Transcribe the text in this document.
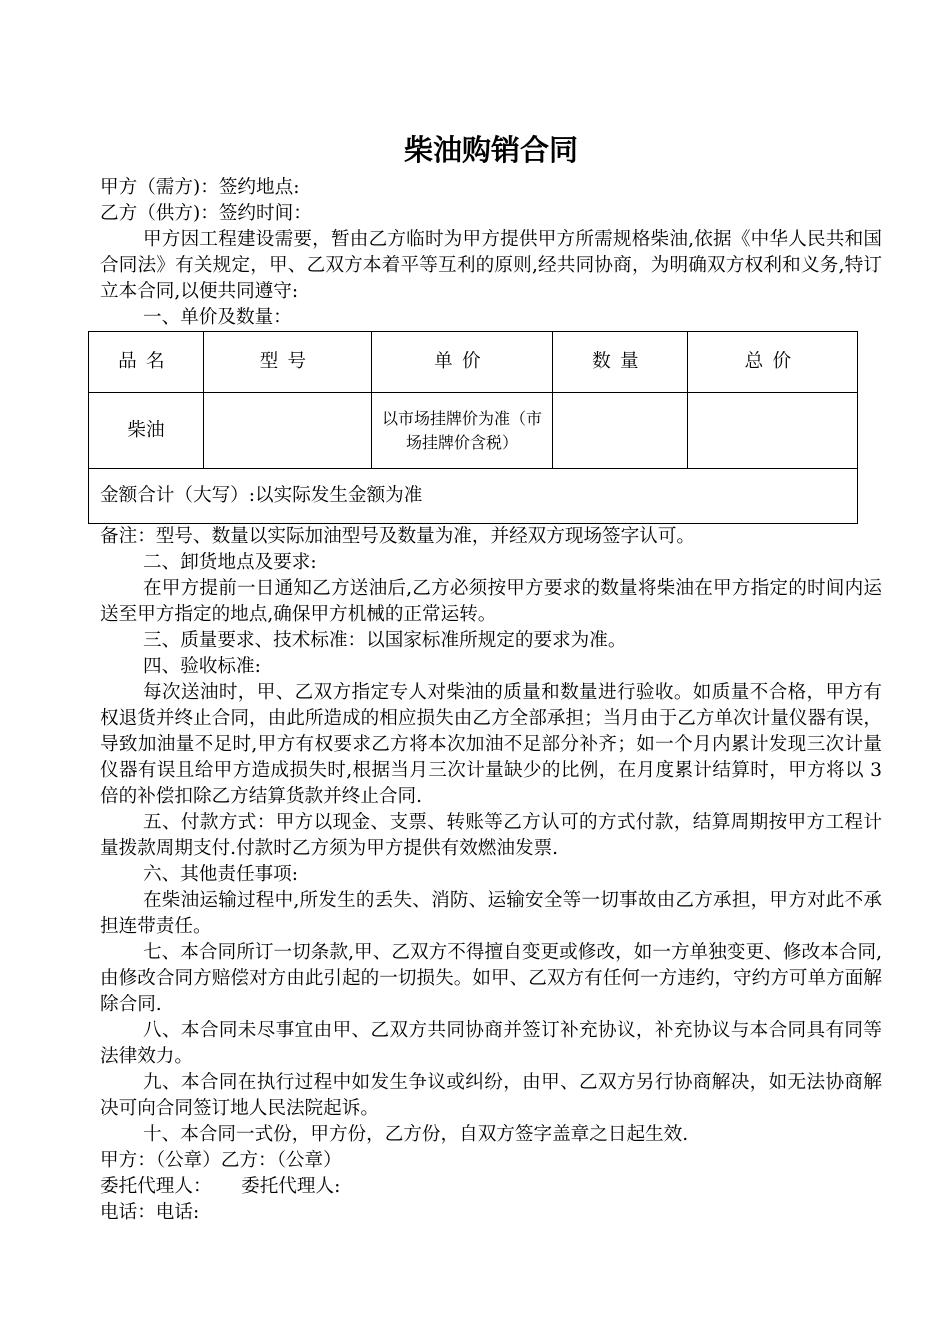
柴油购销合同
甲方（需方)：签约地点:
乙方（供方)：签约时间：

甲方因工程建设需要，暂由乙方临时为甲方提供甲方所需规格柴油,依据《中华人民共和国合同法》有关规定，甲、乙双方本着平等互利的原则,经共同协商，为明确双方权利和义务,特订立本合同,以便共同遵守:

一、单价及数量：
品名	型号	单价	数量	总价
柴油		以市场挂牌价为准（市场挂牌价含税）		
金额合计（大写）:以实际发生金额为准				
备注：型号、数量以实际加油型号及数量为准，并经双方现场签字认可。
二、卸货地点及要求:

在甲方提前一日通知乙方送油后,乙方必须按甲方要求的数量将柴油在甲方指定的时间内运送至甲方指定的地点,确保甲方机械的正常运转。

三、质量要求、技术标准：以国家标准所规定的要求为准。
四、验收标准:

每次送油时，甲、乙双方指定专人对柴油的质量和数量进行验收。如质量不合格，甲方有权退货并终止合同，由此所造成的相应损失由乙方全部承担；当月由于乙方单次计量仪器有误，导致加油量不足时,甲方有权要求乙方将本次加油不足部分补齐；如一个月内累计发现三次计量仪器有误且给甲方造成损失时,根据当月三次计量缺少的比例，在月度累计结算时，甲方将以 3 倍的补偿扣除乙方结算货款并终止合同.

五、付款方式：甲方以现金、支票、转账等乙方认可的方式付款，结算周期按甲方工程计量拨款周期支付.付款时乙方须为甲方提供有效燃油发票.

六、其他责任事项:

在柴油运输过程中,所发生的丢失、消防、运输安全等一切事故由乙方承担，甲方对此不承担连带责任。

七、本合同所订一切条款,甲、乙双方不得擅自变更或修改，如一方单独变更、修改本合同,由修改合同方赔偿对方由此引起的一切损失。如甲、乙双方有任何一方违约，守约方可单方面解除合同.

八、本合同未尽事宜由甲、乙双方共同协商并签订补充协议，补充协议与本合同具有同等法律效力。

九、本合同在执行过程中如发生争议或纠纷，由甲、乙双方另行协商解决，如无法协商解决可向合同签订地人民法院起诉。

十、本合同一式份，甲方份，乙方份，自双方签字盖章之日起生效.
甲方：（公章）乙方：（公章）
委托代理人：     委托代理人:
电话：电话:
